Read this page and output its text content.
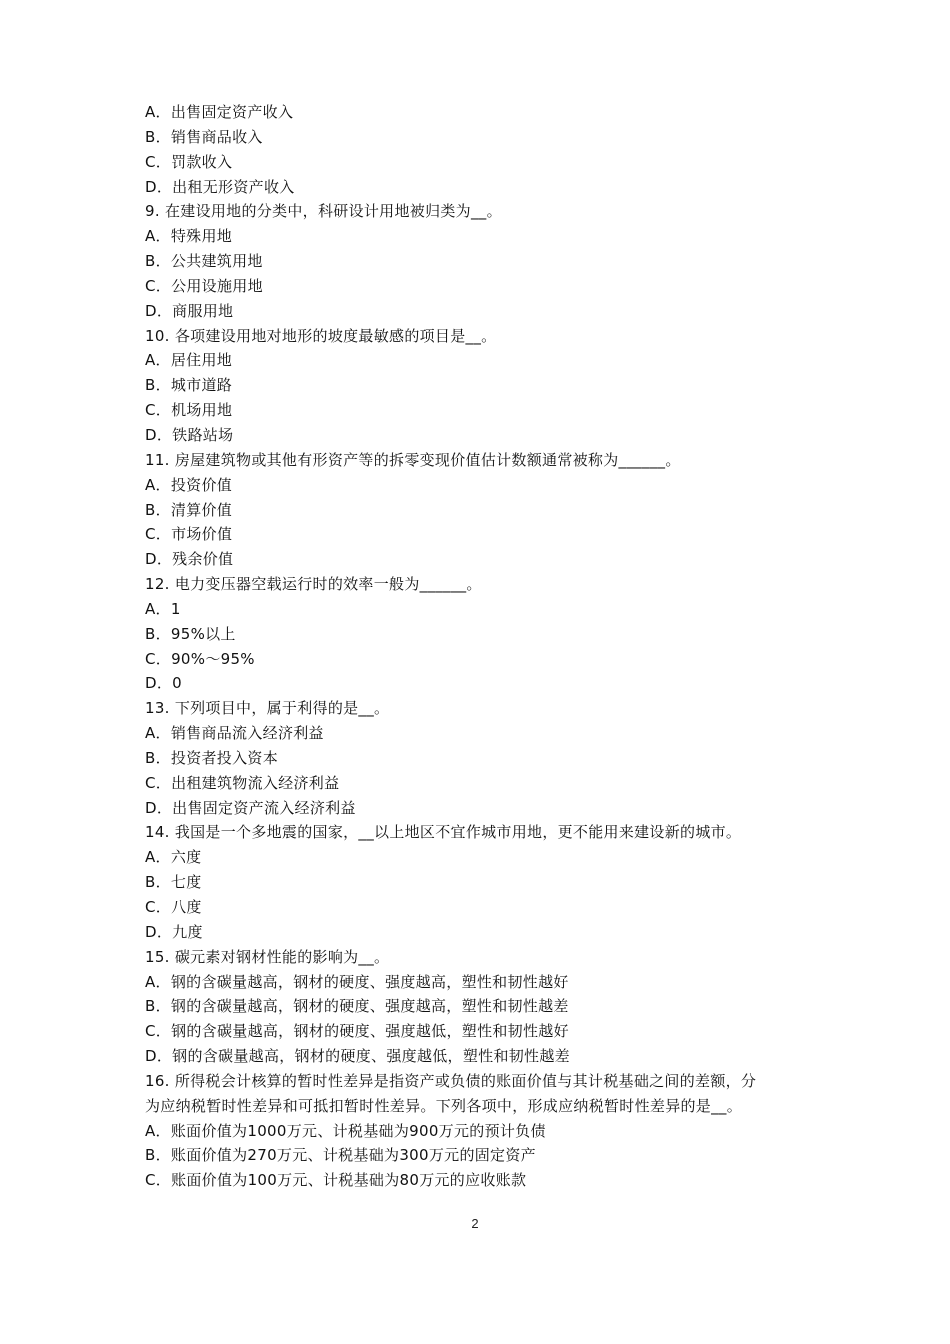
A．出售固定资产收入
B．销售商品收入
C．罚款收入
D．出租无形资产收入
9. 在建设用地的分类中，科研设计用地被归类为__。
A．特殊用地
B．公共建筑用地
C．公用设施用地
D．商服用地
10. 各项建设用地对地形的坡度最敏感的项目是__。
A．居住用地
B．城市道路
C．机场用地
D．铁路站场
11. 房屋建筑物或其他有形资产等的拆零变现价值估计数额通常被称为______。
A．投资价值
B．清算价值
C．市场价值
D．残余价值
12. 电力变压器空载运行时的效率一般为______。
A．1
B．95%以上
C．90%～95%
D．0
13. 下列项目中，属于利得的是__。
A．销售商品流入经济利益
B．投资者投入资本
C．出租建筑物流入经济利益
D．出售固定资产流入经济利益
14. 我国是一个多地震的国家，__以上地区不宜作城市用地，更不能用来建设新的城市。
A．六度
B．七度
C．八度
D．九度
15. 碳元素对钢材性能的影响为__。
A．钢的含碳量越高，钢材的硬度、强度越高，塑性和韧性越好
B．钢的含碳量越高，钢材的硬度、强度越高，塑性和韧性越差
C．钢的含碳量越高，钢材的硬度、强度越低，塑性和韧性越好
D．钢的含碳量越高，钢材的硬度、强度越低，塑性和韧性越差
16. 所得税会计核算的暂时性差异是指资产或负债的账面价值与其计税基础之间的差额，分
为应纳税暂时性差异和可抵扣暂时性差异。下列各项中，形成应纳税暂时性差异的是__。
A．账面价值为1000万元、计税基础为900万元的预计负债
B．账面价值为270万元、计税基础为300万元的固定资产
C．账面价值为100万元、计税基础为80万元的应收账款
2
